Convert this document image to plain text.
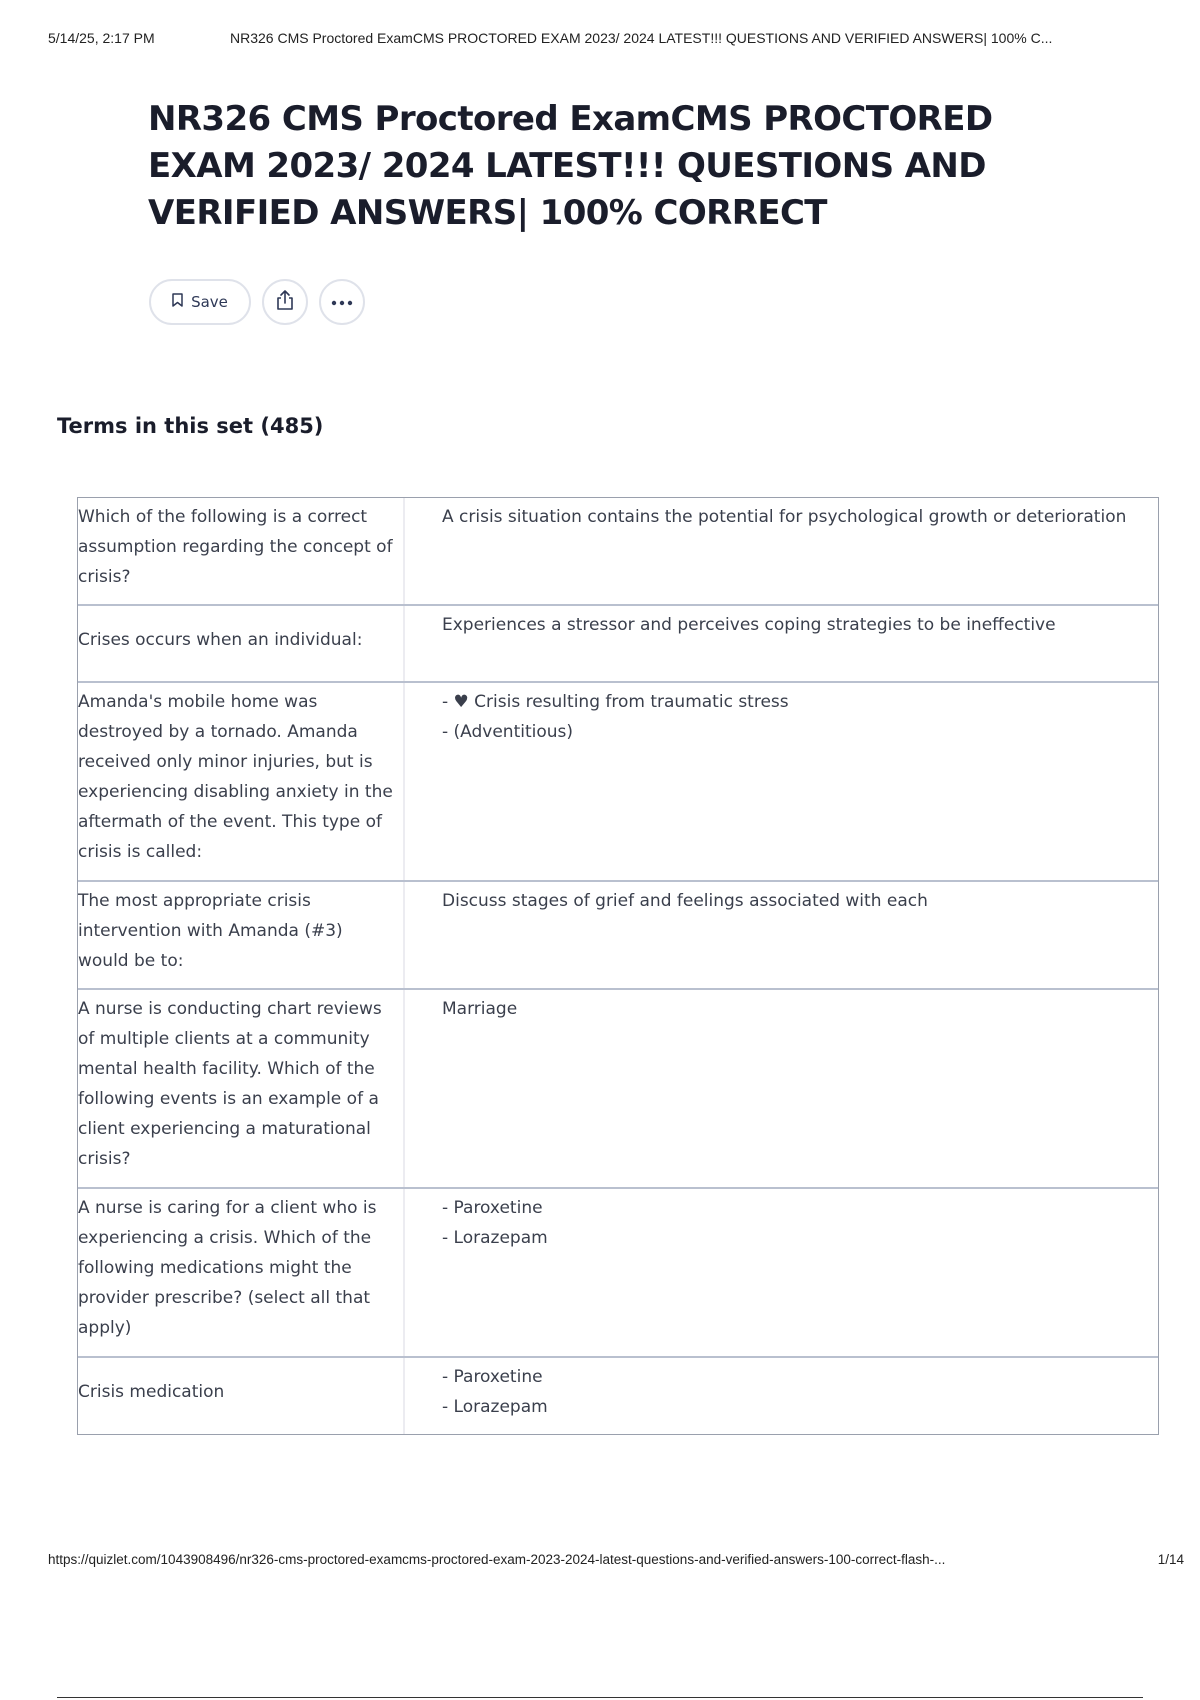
5/14/25, 2:17 PM	NR326 CMS Proctored ExamCMS PROCTORED EXAM 2023/ 2024 LATEST!!! QUESTIONS AND VERIFIED ANSWERS| 100% C...
NR326 CMS Proctored ExamCMS PROCTORED EXAM 2023/ 2024 LATEST!!! QUESTIONS AND VERIFIED ANSWERS| 100% CORRECT
Save
Terms in this set (485)
Which of the following is a correct assumption regarding the concept of crisis?
A crisis situation contains the potential for psychological growth or deterioration
Crises occurs when an individual:
Experiences a stressor and perceives coping strategies to be ineffective
Amanda's mobile home was destroyed by a tornado. Amanda received only minor injuries, but is experiencing disabling anxiety in the aftermath of the event. This type of crisis is called:
- ♥ Crisis resulting from traumatic stress
- (Adventitious)
The most appropriate crisis intervention with Amanda (#3) would be to:
Discuss stages of grief and feelings associated with each
A nurse is conducting chart reviews of multiple clients at a community mental health facility. Which of the following events is an example of a client experiencing a maturational crisis?
Marriage
A nurse is caring for a client who is experiencing a crisis. Which of the following medications might the provider prescribe? (select all that apply)
- Paroxetine
- Lorazepam
Crisis medication
- Paroxetine
- Lorazepam
https://quizlet.com/1043908496/nr326-cms-proctored-examcms-proctored-exam-2023-2024-latest-questions-and-verified-answers-100-correct-flash-...	1/14
